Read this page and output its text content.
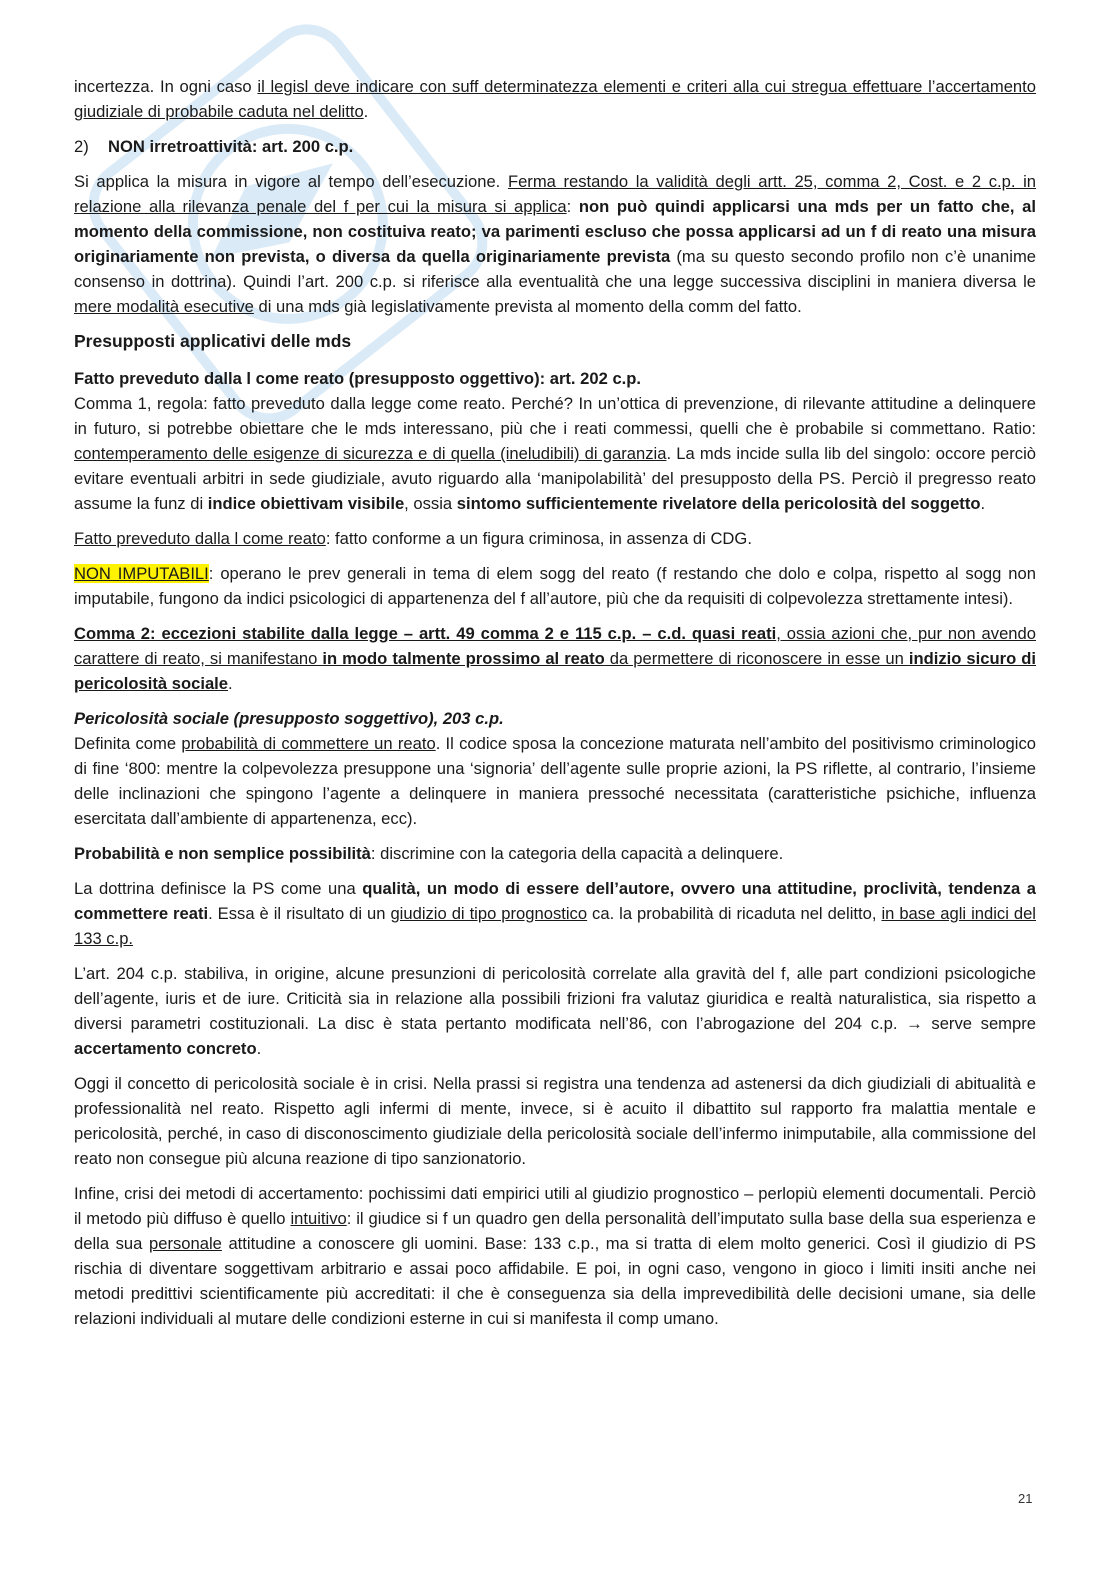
incertezza. In ogni caso il legisl deve indicare con suff determinatezza elementi e criteri alla cui stregua effettuare l’accertamento giudiziale di probabile caduta nel delitto.

2) NON irretroattività: art. 200 c.p.

Si applica la misura in vigore al tempo dell’esecuzione. Ferma restando la validità degli artt. 25, comma 2, Cost. e 2 c.p. in relazione alla rilevanza penale del f per cui la misura si applica: non può quindi applicarsi una mds per un fatto che, al momento della commissione, non costituiva reato; va parimenti escluso che possa applicarsi ad un f di reato una misura originariamente non prevista, o diversa da quella originariamente prevista (ma su questo secondo profilo non c’è unanime consenso in dottrina). Quindi l’art. 200 c.p. si riferisce alla eventualità che una legge successiva disciplini in maniera diversa le mere modalità esecutive di una mds già legislativamente prevista al momento della comm del fatto.

Presupposti applicativi delle mds

Fatto preveduto dalla l come reato (presupposto oggettivo): art. 202 c.p.

Comma 1, regola: fatto preveduto dalla legge come reato. Perché? In un’ottica di prevenzione, di rilevante attitudine a delinquere in futuro, si potrebbe obiettare che le mds interessano, più che i reati commessi, quelli che è probabile si commettano. Ratio: contemperamento delle esigenze di sicurezza e di quella (ineludibili) di garanzia. La mds incide sulla lib del singolo: occore perciò evitare eventuali arbitri in sede giudiziale, avuto riguardo alla ‘manipolabilità’ del presupposto della PS. Perciò il pregresso reato assume la funz di indice obiettivam visibile, ossia sintomo sufficientemente rivelatore della pericolosità del soggetto.

Fatto preveduto dalla l come reato: fatto conforme a un figura criminosa, in assenza di CDG.

NON IMPUTABILI: operano le prev generali in tema di elem sogg del reato (f restando che dolo e colpa, rispetto al sogg non imputabile, fungono da indici psicologici di appartenenza del f all’autore, più che da requisiti di colpevolezza strettamente intesi).

Comma 2: eccezioni stabilite dalla legge – artt. 49 comma 2 e 115 c.p. – c.d. quasi reati, ossia azioni che, pur non avendo carattere di reato, si manifestano in modo talmente prossimo al reato da permettere di riconoscere in esse un indizio sicuro di pericolosità sociale.

Pericolosità sociale (presupposto soggettivo), 203 c.p.

Definita come probabilità di commettere un reato. Il codice sposa la concezione maturata nell’ambito del positivismo criminologico di fine ‘800: mentre la colpevolezza presuppone una ‘signoria’ dell’agente sulle proprie azioni, la PS riflette, al contrario, l’insieme delle inclinazioni che spingono l’agente a delinquere in maniera pressoché necessitata (caratteristiche psichiche, influenza esercitata dall’ambiente di appartenenza, ecc).

Probabilità e non semplice possibilità: discrimine con la categoria della capacità a delinquere.

La dottrina definisce la PS come una qualità, un modo di essere dell’autore, ovvero una attitudine, proclività, tendenza a commettere reati. Essa è il risultato di un giudizio di tipo prognostico ca. la probabilità di ricaduta nel delitto, in base agli indici del 133 c.p.

L’art. 204 c.p. stabiliva, in origine, alcune presunzioni di pericolosità correlate alla gravità del f, alle part condizioni psicologiche dell’agente, iuris et de iure. Criticità sia in relazione alla possibili frizioni fra valutaz giuridica e realtà naturalistica, sia rispetto a diversi parametri costituzionali. La disc è stata pertanto modificata nell’86, con l’abrogazione del 204 c.p. → serve sempre accertamento concreto.

Oggi il concetto di pericolosità sociale è in crisi. Nella prassi si registra una tendenza ad astenersi da dich giudiziali di abitualità e professionalità nel reato. Rispetto agli infermi di mente, invece, si è acuito il dibattito sul rapporto fra malattia mentale e pericolosità, perché, in caso di disconoscimento giudiziale della pericolosità sociale dell’infermo inimputabile, alla commissione del reato non consegue più alcuna reazione di tipo sanzionatorio.

Infine, crisi dei metodi di accertamento: pochissimi dati empirici utili al giudizio prognostico – perlopiù elementi documentali. Perciò il metodo più diffuso è quello intuitivo: il giudice si f un quadro gen della personalità dell’imputato sulla base della sua esperienza e della sua personale attitudine a conoscere gli uomini. Base: 133 c.p., ma si tratta di elem molto generici. Così il giudizio di PS rischia di diventare soggettivam arbitrario e assai poco affidabile. E poi, in ogni caso, vengono in gioco i limiti insiti anche nei metodi predittivi scientificamente più accreditati: il che è conseguenza sia della imprevedibilità delle decisioni umane, sia delle relazioni individuali al mutare delle condizioni esterne in cui si manifesta il comp umano.

21
